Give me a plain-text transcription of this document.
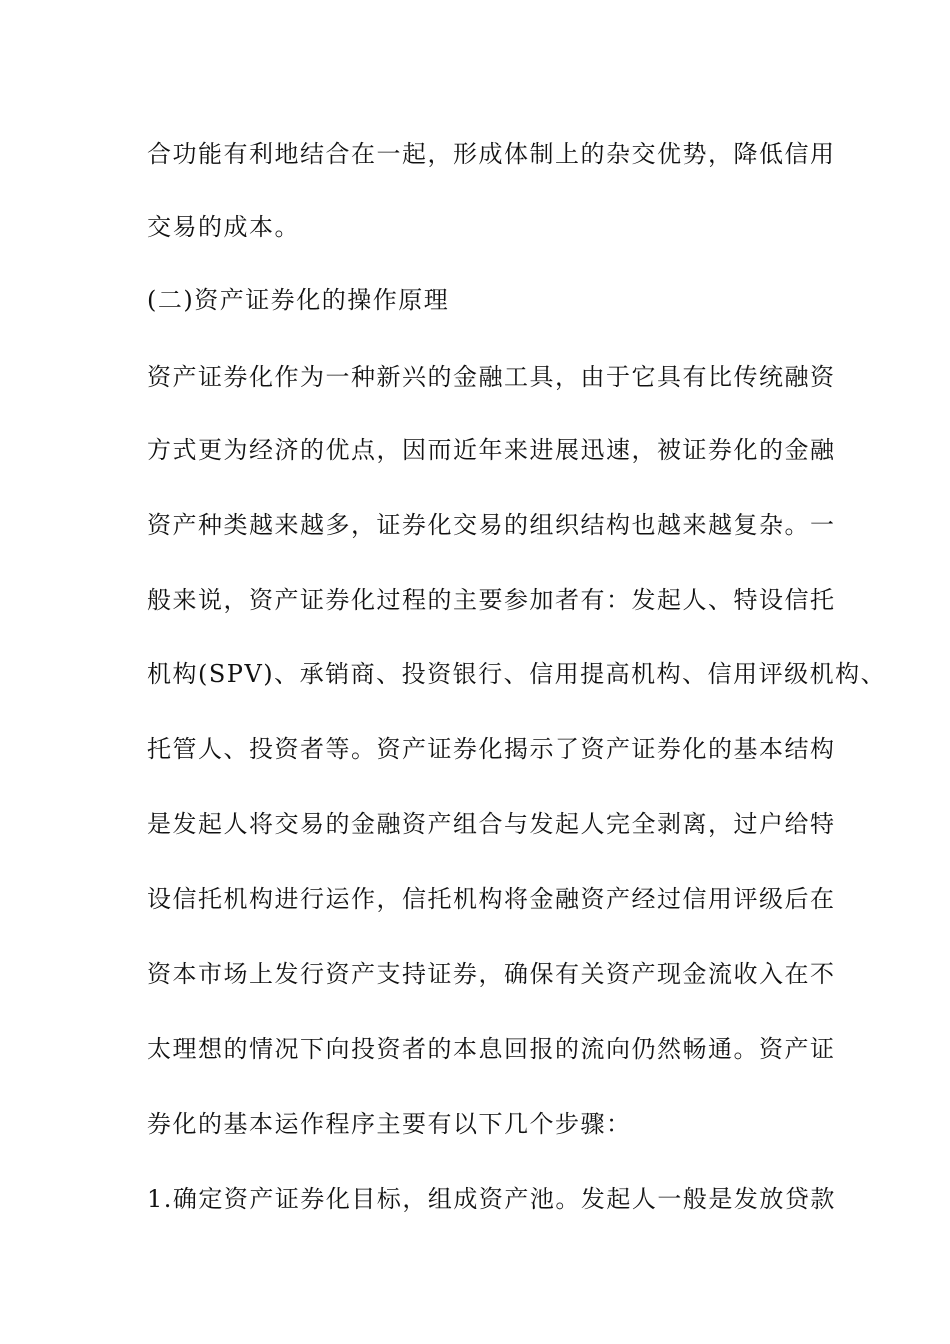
合功能有利地结合在一起，形成体制上的杂交优势，降低信用
交易的成本。
(二)资产证券化的操作原理
资产证券化作为一种新兴的金融工具，由于它具有比传统融资
方式更为经济的优点，因而近年来进展迅速，被证券化的金融
资产种类越来越多，证券化交易的组织结构也越来越复杂。一
般来说，资产证券化过程的主要参加者有：发起人、特设信托
机构(SPV)、承销商、投资银行、信用提高机构、信用评级机构、
托管人、投资者等。资产证券化揭示了资产证券化的基本结构
是发起人将交易的金融资产组合与发起人完全剥离，过户给特
设信托机构进行运作，信托机构将金融资产经过信用评级后在
资本市场上发行资产支持证券，确保有关资产现金流收入在不
太理想的情况下向投资者的本息回报的流向仍然畅通。资产证
券化的基本运作程序主要有以下几个步骤：
1.确定资产证券化目标，组成资产池。发起人一般是发放贷款
